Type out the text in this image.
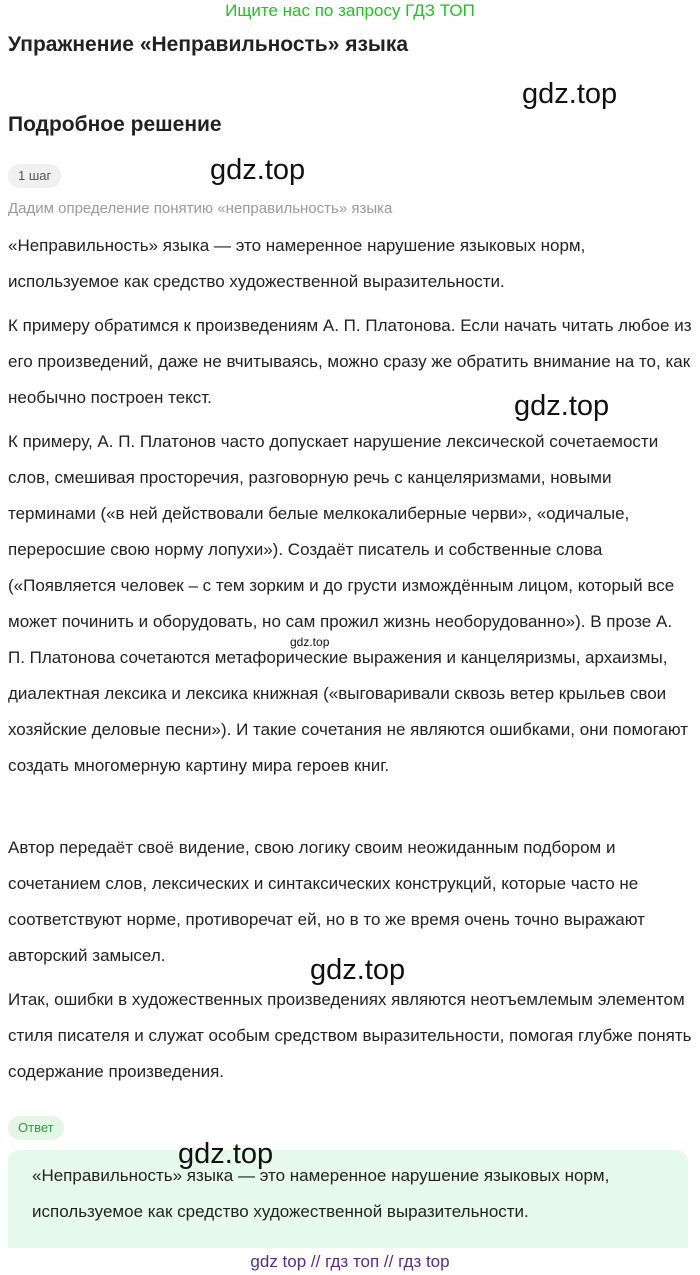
Ищите нас по запросу ГДЗ ТОП
Упражнение «Неправильность» языка
gdz.top
Подробное решение
1 шаг	gdz.top
Дадим определение понятию «неправильность» языка

«Неправильность» языка — это намеренное нарушение языковых норм, используемое как средство художественной выразительности.

К примеру обратимся к произведениям А. П. Платонова. Если начать читать любое из его произведений, даже не вчитываясь, можно сразу же обратить внимание на то, как необычно построен текст.	gdz.top

К примеру, А. П. Платонов часто допускает нарушение лексической сочетаемости слов, смешивая просторечия, разговорную речь с канцеляризмами, новыми терминами («в ней действовали белые мелкокалиберные черви», «одичалые, переросшие свою норму лопухи»). Создаёт писатель и собственные слова («Появляется человек – с тем зорким и до грусти измождённым лицом, который все может починить и оборудовать, но сам прожил жизнь необорудованно»). В прозе А. П. Платонова сочетаются метафорические выражения и канцеляризмы, архаизмы, диалектная лексика и лексика книжная («выговаривали сквозь ветер крыльев свои хозяйские деловые песни»). И такие сочетания не являются ошибками, они помогают создать многомерную картину мира героев книг.

gdz.top

Автор передаёт своё видение, свою логику своим неожиданным подбором и сочетанием слов, лексических и синтаксических конструкций, которые часто не соответствуют норме, противоречат ей, но в то же время очень точно выражают авторский замысел.	gdz.top

Итак, ошибки в художественных произведениях являются неотъемлемым элементом стиля писателя и служат особым средством выразительности, помогая глубже понять содержание произведения.

Ответ

«Неправильность» языка — это намеренное нарушение языковых норм, используемое как средство художественной выразительности.

gdz.top
gdz top // гдз топ // гдз top
